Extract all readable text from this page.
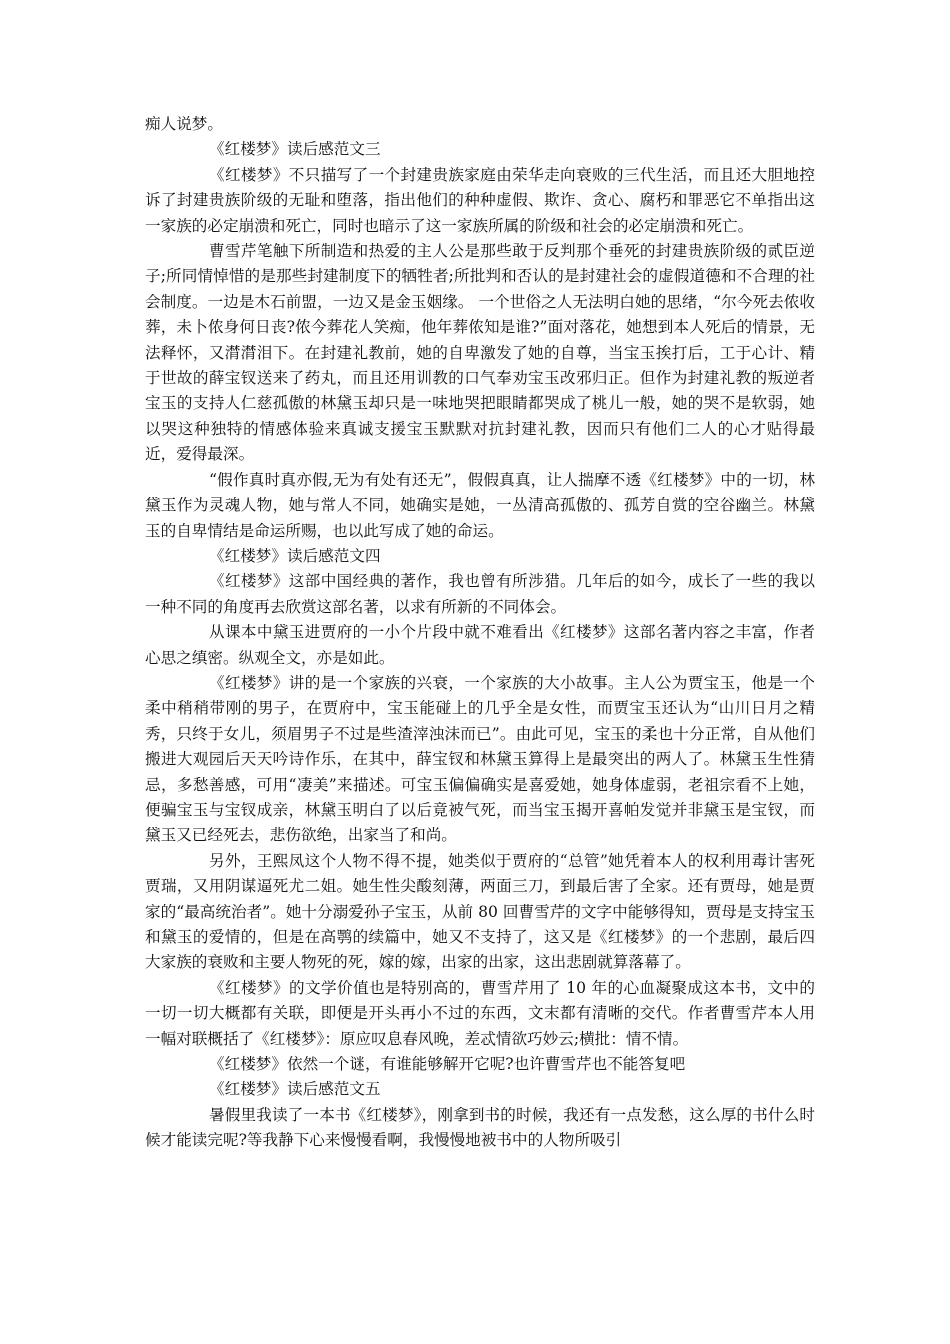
痴人说梦。

《红楼梦》读后感范文三

《红楼梦》不只描写了一个封建贵族家庭由荣华走向衰败的三代生活，而且还大胆地控诉了封建贵族阶级的无耻和堕落，指出他们的种种虚假、欺诈、贪心、腐朽和罪恶它不单指出这一家族的必定崩溃和死亡，同时也暗示了这一家族所属的阶级和社会的必定崩溃和死亡。

曹雪芹笔触下所制造和热爱的主人公是那些敢于反判那个垂死的封建贵族阶级的贰臣逆子;所同情悼惜的是那些封建制度下的牺牲者;所批判和否认的是封建社会的虚假道德和不合理的社会制度。一边是木石前盟，一边又是金玉姻缘。 一个世俗之人无法明白她的思绪，“尔今死去侬收葬，未卜侬身何日丧?侬今葬花人笑痴，他年葬侬知是谁?”面对落花，她想到本人死后的情景，无法释怀，又潸潸泪下。在封建礼教前，她的自卑激发了她的自尊，当宝玉挨打后，工于心计、精于世故的薛宝钗送来了药丸，而且还用训教的口气奉劝宝玉改邪归正。但作为封建礼教的叛逆者宝玉的支持人仁慈孤傲的林黛玉却只是一味地哭把眼睛都哭成了桃儿一般，她的哭不是软弱，她以哭这种独特的情感体验来真诚支援宝玉默默对抗封建礼教，因而只有他们二人的心才贴得最近，爱得最深。

“假作真时真亦假,无为有处有还无”，假假真真，让人揣摩不透《红楼梦》中的一切，林黛玉作为灵魂人物，她与常人不同，她确实是她，一丛清高孤傲的、孤芳自赏的空谷幽兰。林黛玉的自卑情结是命运所赐，也以此写成了她的命运。

《红楼梦》读后感范文四

《红楼梦》这部中国经典的著作，我也曾有所涉猎。几年后的如今，成长了一些的我以一种不同的角度再去欣赏这部名著，以求有所新的不同体会。

从课本中黛玉进贾府的一小个片段中就不难看出《红楼梦》这部名著内容之丰富，作者心思之缜密。纵观全文，亦是如此。

《红楼梦》讲的是一个家族的兴衰，一个家族的大小故事。主人公为贾宝玉，他是一个柔中稍稍带刚的男子，在贾府中，宝玉能碰上的几乎全是女性，而贾宝玉还认为“山川日月之精秀，只终于女儿，须眉男子不过是些渣滓浊沫而已”。由此可见，宝玉的柔也十分正常，自从他们搬进大观园后天天吟诗作乐，在其中，薛宝钗和林黛玉算得上是最突出的两人了。林黛玉生性猜忌，多愁善感，可用“凄美”来描述。可宝玉偏偏确实是喜爱她，她身体虚弱，老祖宗看不上她，便骗宝玉与宝钗成亲，林黛玉明白了以后竟被气死，而当宝玉揭开喜帕发觉并非黛玉是宝钗，而黛玉又已经死去，悲伤欲绝，出家当了和尚。

另外，王熙凤这个人物不得不提，她类似于贾府的“总管”她凭着本人的权利用毒计害死贾瑞，又用阴谋逼死尤二姐。她生性尖酸刻薄，两面三刀，到最后害了全家。还有贾母，她是贾家的“最高统治者”。她十分溺爱孙子宝玉，从前 80 回曹雪芹的文字中能够得知，贾母是支持宝玉和黛玉的爱情的，但是在高鹗的续篇中，她又不支持了，这又是《红楼梦》的一个悲剧，最后四大家族的衰败和主要人物死的死，嫁的嫁，出家的出家，这出悲剧就算落幕了。

《红楼梦》的文学价值也是特别高的，曹雪芹用了 10 年的心血凝聚成这本书，文中的一切一切大概都有关联，即便是开头再小不过的东西，文末都有清晰的交代。作者曹雪芹本人用一幅对联概括了《红楼梦》：原应叹息春风晚，差忒情欲巧妙云;横批：情不情。

《红楼梦》依然一个谜，有谁能够解开它呢?也许曹雪芹也不能答复吧

《红楼梦》读后感范文五

暑假里我读了一本书《红楼梦》，刚拿到书的时候，我还有一点发愁，这么厚的书什么时候才能读完呢?等我静下心来慢慢看啊，我慢慢地被书中的人物所吸引
